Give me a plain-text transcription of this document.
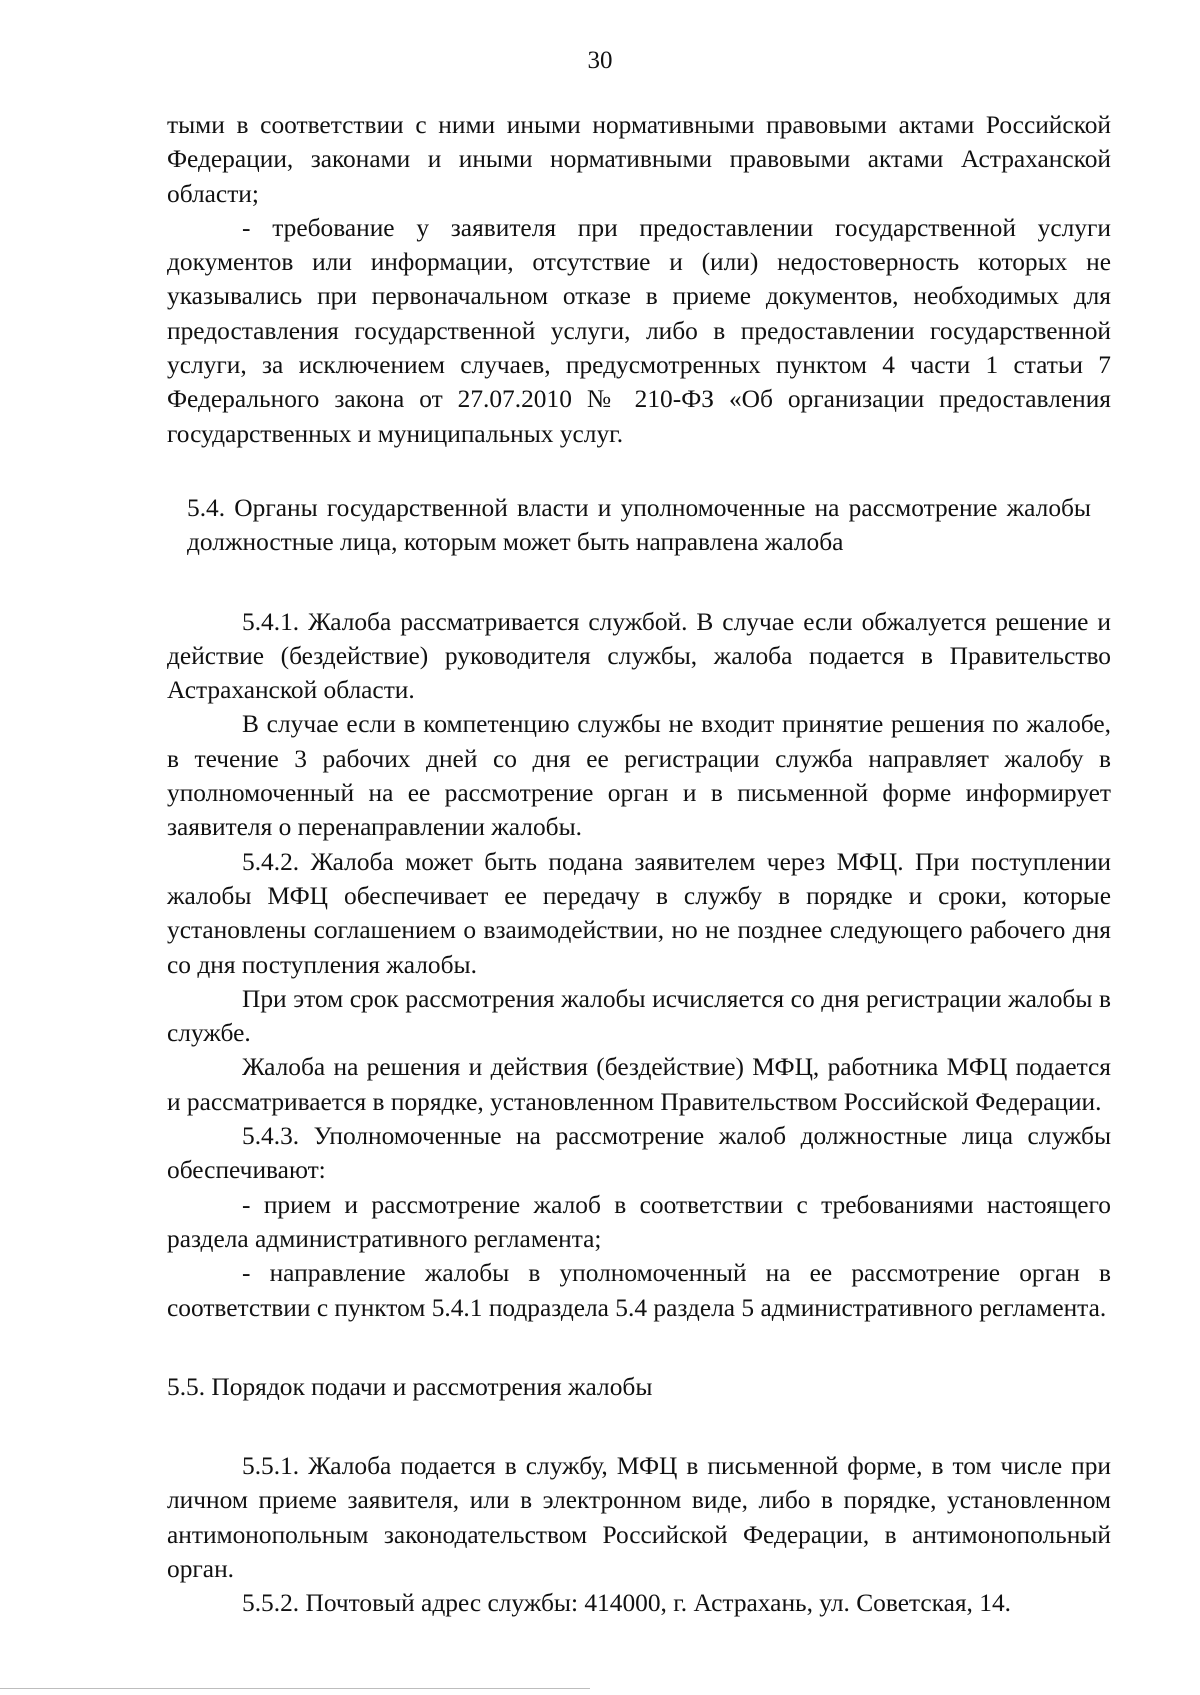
30

тыми в соответствии с ними иными нормативными правовыми актами Российской Федерации, законами и иными нормативными правовыми актами Астраханской области;

- требование у заявителя при предоставлении государственной услуги документов или информации, отсутствие и (или) недостоверность которых не указывались при первоначальном отказе в приеме документов, необходимых для предоставления государственной услуги, либо в предоставлении государственной услуги, за исключением случаев, предусмотренных пунктом 4 части 1 статьи 7 Федерального закона от 27.07.2010 № 210-ФЗ «Об организации предоставления государственных и муниципальных услуг.

5.4. Органы государственной власти и уполномоченные на рассмотрение жалобы должностные лица, которым может быть направлена жалоба

5.4.1. Жалоба рассматривается службой. В случае если обжалуется решение и действие (бездействие) руководителя службы, жалоба подается в Правительство Астраханской области.

В случае если в компетенцию службы не входит принятие решения по жалобе, в течение 3 рабочих дней со дня ее регистрации служба направляет жалобу в уполномоченный на ее рассмотрение орган и в письменной форме информирует заявителя о перенаправлении жалобы.

5.4.2. Жалоба может быть подана заявителем через МФЦ. При поступлении жалобы МФЦ обеспечивает ее передачу в службу в порядке и сроки, которые установлены соглашением о взаимодействии, но не позднее следующего рабочего дня со дня поступления жалобы.

При этом срок рассмотрения жалобы исчисляется со дня регистрации жалобы в службе.

Жалоба на решения и действия (бездействие) МФЦ, работника МФЦ подается и рассматривается в порядке, установленном Правительством Российской Федерации.

5.4.3. Уполномоченные на рассмотрение жалоб должностные лица службы обеспечивают:

- прием и рассмотрение жалоб в соответствии с требованиями настоящего раздела административного регламента;

- направление жалобы в уполномоченный на ее рассмотрение орган в соответствии с пунктом 5.4.1 подраздела 5.4 раздела 5 административного регламента.

5.5. Порядок подачи и рассмотрения жалобы

5.5.1. Жалоба подается в службу, МФЦ в письменной форме, в том числе при личном приеме заявителя, или в электронном виде, либо в порядке, установленном антимонопольным законодательством Российской Федерации, в антимонопольный орган.

5.5.2. Почтовый адрес службы: 414000, г. Астрахань, ул. Советская, 14.
